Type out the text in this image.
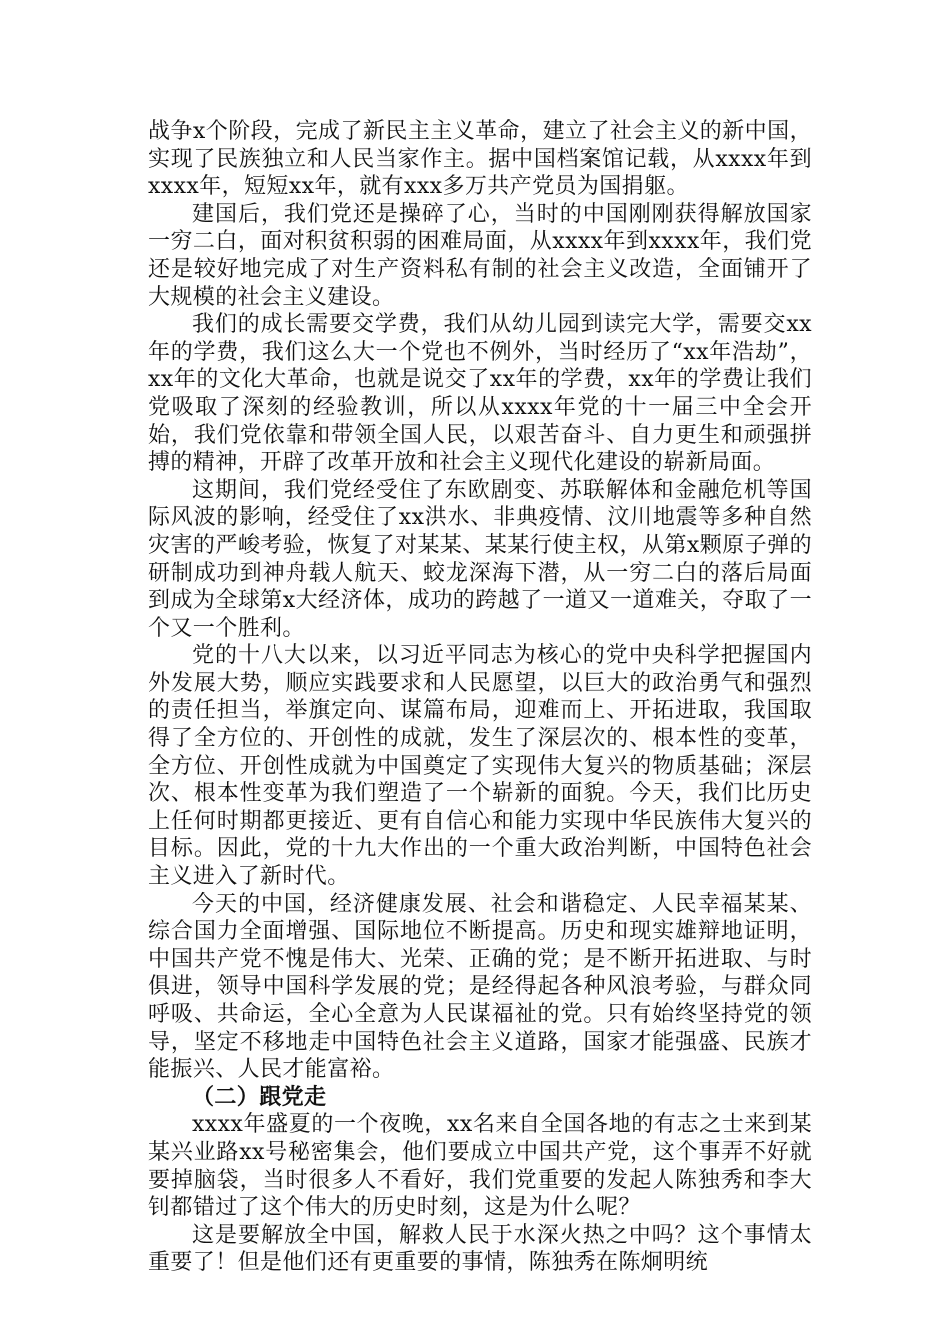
战争x个阶段，完成了新民主主义革命，建立了社会主义的新中国，实现了民族独立和人民当家作主。据中国档案馆记载，从xxxx年到xxxx年，短短xx年，就有xxx多万共产党员为国捐躯。

建国后，我们党还是操碎了心，当时的中国刚刚获得解放国家一穷二白，面对积贫积弱的困难局面，从xxxx年到xxxx年，我们党还是较好地完成了对生产资料私有制的社会主义改造，全面铺开了大规模的社会主义建设。

我们的成长需要交学费，我们从幼儿园到读完大学，需要交xx年的学费，我们这么大一个党也不例外，当时经历了“xx年浩劫”，xx年的文化大革命，也就是说交了xx年的学费，xx年的学费让我们党吸取了深刻的经验教训，所以从xxxx年党的十一届三中全会开始，我们党依靠和带领全国人民，以艰苦奋斗、自力更生和顽强拼搏的精神，开辟了改革开放和社会主义现代化建设的崭新局面。

这期间，我们党经受住了东欧剧变、苏联解体和金融危机等国际风波的影响，经受住了xx洪水、非典疫情、汶川地震等多种自然灾害的严峻考验，恢复了对某某、某某行使主权，从第x颗原子弹的研制成功到神舟载人航天、蛟龙深海下潜，从一穷二白的落后局面到成为全球第x大经济体，成功的跨越了一道又一道难关，夺取了一个又一个胜利。

党的十八大以来，以习近平同志为核心的党中央科学把握国内外发展大势，顺应实践要求和人民愿望，以巨大的政治勇气和强烈的责任担当，举旗定向、谋篇布局，迎难而上、开拓进取，我国取得了全方位的、开创性的成就，发生了深层次的、根本性的变革，全方位、开创性成就为中国奠定了实现伟大复兴的物质基础；深层次、根本性变革为我们塑造了一个崭新的面貌。今天，我们比历史上任何时期都更接近、更有自信心和能力实现中华民族伟大复兴的目标。因此，党的十九大作出的一个重大政治判断，中国特色社会主义进入了新时代。

今天的中国，经济健康发展、社会和谐稳定、人民幸福某某、综合国力全面增强、国际地位不断提高。历史和现实雄辩地证明，中国共产党不愧是伟大、光荣、正确的党；是不断开拓进取、与时俱进，领导中国科学发展的党；是经得起各种风浪考验，与群众同呼吸、共命运，全心全意为人民谋福祉的党。只有始终坚持党的领导，坚定不移地走中国特色社会主义道路，国家才能强盛、民族才能振兴、人民才能富裕。

（二）跟党走

xxxx年盛夏的一个夜晚，xx名来自全国各地的有志之士来到某某兴业路xx号秘密集会，他们要成立中国共产党，这个事弄不好就要掉脑袋，当时很多人不看好，我们党重要的发起人陈独秀和李大钊都错过了这个伟大的历史时刻，这是为什么呢？

这是要解放全中国，解救人民于水深火热之中吗？这个事情太重要了！但是他们还有更重要的事情，陈独秀在陈炯明统
